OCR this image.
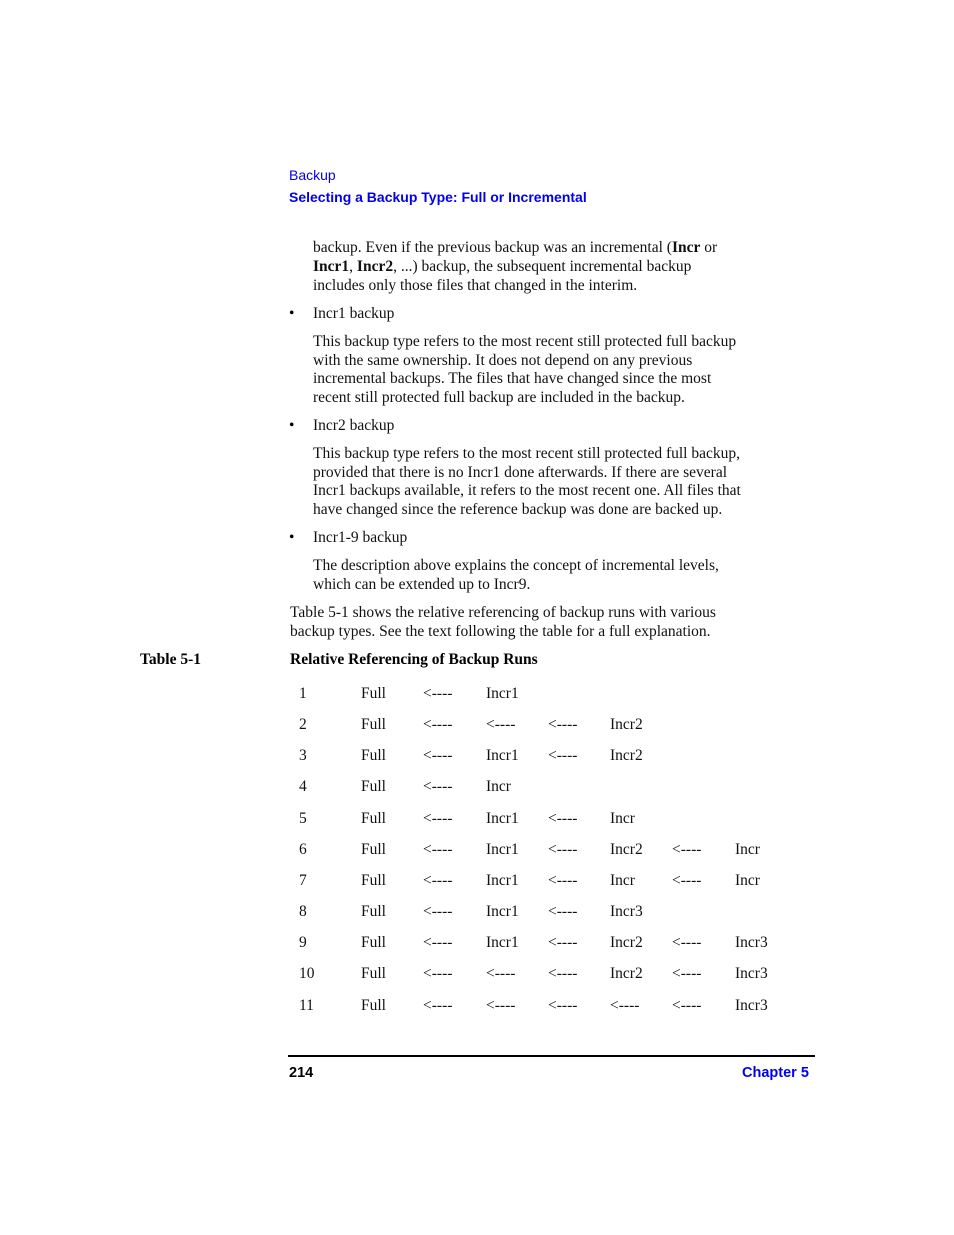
Backup
Selecting a Backup Type: Full or Incremental
backup. Even if the previous backup was an incremental (Incr or
Incr1, Incr2, ...) backup, the subsequent incremental backup
includes only those files that changed in the interim.
• Incr1 backup
This backup type refers to the most recent still protected full backup
with the same ownership. It does not depend on any previous
incremental backups. The files that have changed since the most
recent still protected full backup are included in the backup.
• Incr2 backup
This backup type refers to the most recent still protected full backup,
provided that there is no Incr1 done afterwards. If there are several
Incr1 backups available, it refers to the most recent one. All files that
have changed since the reference backup was done are backed up.
• Incr1-9 backup
The description above explains the concept of incremental levels,
which can be extended up to Incr9.
Table 5-1 shows the relative referencing of backup runs with various
backup types. See the text following the table for a full explanation.
Table 5-1	Relative Referencing of Backup Runs
1	Full <---- Incr1
2	Full <---- <---- <---- Incr2
3	Full <---- Incr1 <---- Incr2
4	Full <---- Incr
5	Full <---- Incr1 <---- Incr
6	Full <---- Incr1 <---- Incr2 <---- Incr
7	Full <---- Incr1 <---- Incr <---- Incr
8	Full <---- Incr1 <---- Incr3
9	Full <---- Incr1 <---- Incr2 <---- Incr3
10	Full <---- <---- <---- Incr2 <---- Incr3
11	Full <---- <---- <---- <---- <---- Incr3
214	Chapter 5
